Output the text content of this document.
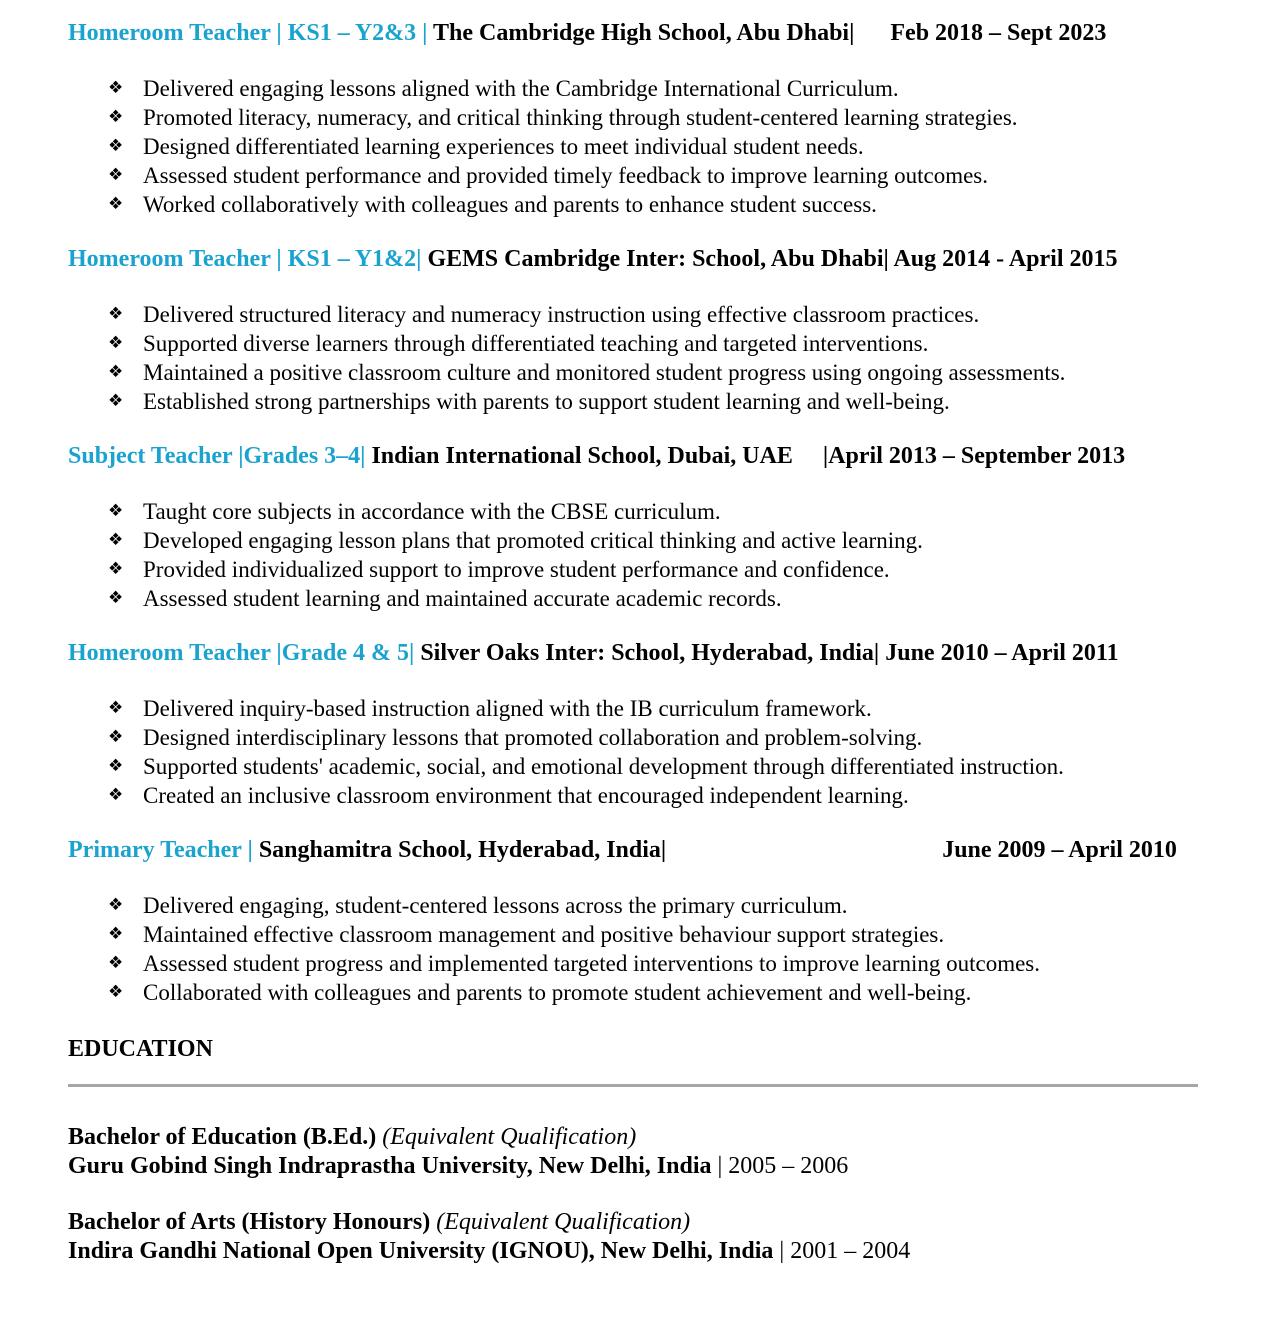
Homeroom Teacher | KS1 – Y2&3 | The Cambridge High School, Abu Dhabi| Feb 2018 – Sept 2023

❖ Delivered engaging lessons aligned with the Cambridge International Curriculum.
❖ Promoted literacy, numeracy, and critical thinking through student-centered learning strategies.
❖ Designed differentiated learning experiences to meet individual student needs.
❖ Assessed student performance and provided timely feedback to improve learning outcomes.
❖ Worked collaboratively with colleagues and parents to enhance student success.

Homeroom Teacher | KS1 – Y1&2| GEMS Cambridge Inter: School, Abu Dhabi| Aug 2014 - April 2015

❖ Delivered structured literacy and numeracy instruction using effective classroom practices.
❖ Supported diverse learners through differentiated teaching and targeted interventions.
❖ Maintained a positive classroom culture and monitored student progress using ongoing assessments.
❖ Established strong partnerships with parents to support student learning and well-being.

Subject Teacher |Grades 3–4| Indian International School, Dubai, UAE |April 2013 – September 2013

❖ Taught core subjects in accordance with the CBSE curriculum.
❖ Developed engaging lesson plans that promoted critical thinking and active learning.
❖ Provided individualized support to improve student performance and confidence.
❖ Assessed student learning and maintained accurate academic records.

Homeroom Teacher |Grade 4 & 5| Silver Oaks Inter: School, Hyderabad, India| June 2010 – April 2011

❖ Delivered inquiry-based instruction aligned with the IB curriculum framework.
❖ Designed interdisciplinary lessons that promoted collaboration and problem-solving.
❖ Supported students' academic, social, and emotional development through differentiated instruction.
❖ Created an inclusive classroom environment that encouraged independent learning.

Primary Teacher | Sanghamitra School, Hyderabad, India|	June 2009 – April 2010

❖ Delivered engaging, student-centered lessons across the primary curriculum.
❖ Maintained effective classroom management and positive behaviour support strategies.
❖ Assessed student progress and implemented targeted interventions to improve learning outcomes.
❖ Collaborated with colleagues and parents to promote student achievement and well-being.

EDUCATION

Bachelor of Education (B.Ed.) (Equivalent Qualification)

Guru Gobind Singh Indraprastha University, New Delhi, India | 2005 – 2006

Bachelor of Arts (History Honours) (Equivalent Qualification)

Indira Gandhi National Open University (IGNOU), New Delhi, India | 2001 – 2004
